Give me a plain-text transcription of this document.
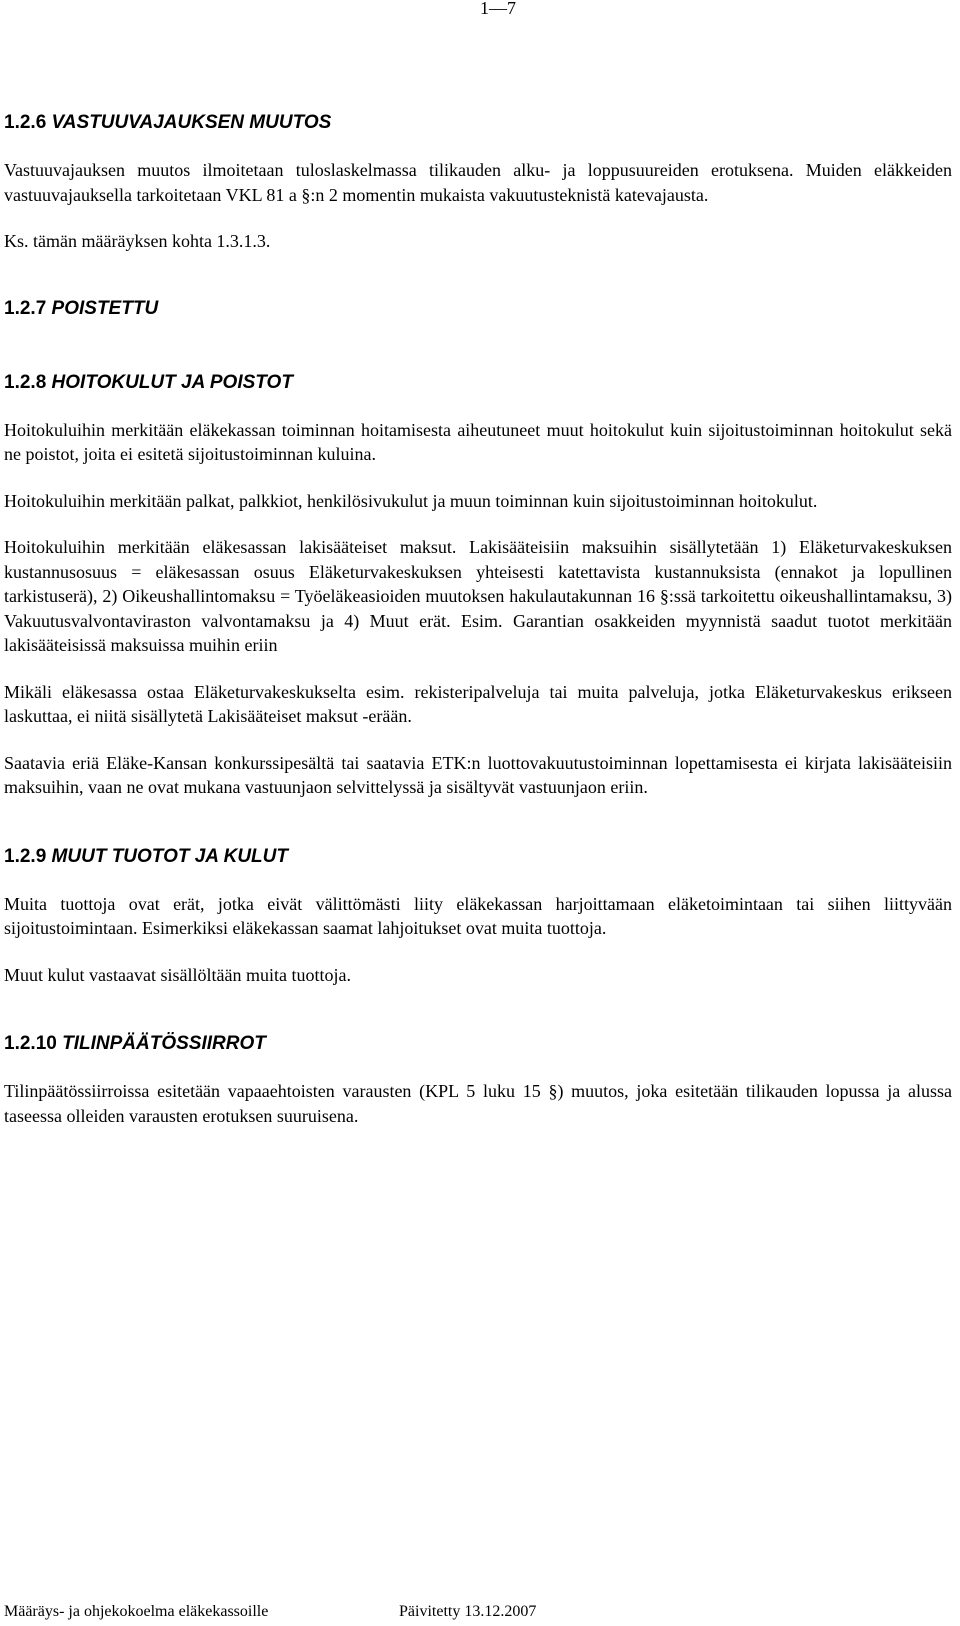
1—7
1.2.6 VASTUUVAJAUKSEN MUUTOS

Vastuuvajauksen muutos ilmoitetaan tuloslaskelmassa tilikauden alku- ja loppusuureiden erotuksena. Muiden eläkkeiden vastuuvajauksella tarkoitetaan VKL 81 a §:n 2 momentin mukaista vakuutusteknistä katevajausta.

Ks. tämän määräyksen kohta 1.3.1.3.

1.2.7 POISTETTU
1.2.8 HOITOKULUT JA POISTOT

Hoitokuluihin merkitään eläkekassan toiminnan hoitamisesta aiheutuneet muut hoitokulut kuin sijoitustoiminnan hoitokulut sekä ne poistot, joita ei esitetä sijoitustoiminnan kuluina.

Hoitokuluihin merkitään palkat, palkkiot, henkilösivukulut ja muun toiminnan kuin sijoitustoiminnan hoitokulut.

Hoitokuluihin merkitään eläkesassan lakisääteiset maksut. Lakisääteisiin maksuihin sisällytetään 1) Eläketurvakeskuksen kustannusosuus = eläkesassan osuus Eläketurvakeskuksen yhteisesti katettavista kustannuksista (ennakot ja lopullinen tarkistuserä), 2) Oikeushallintomaksu = Työeläkeasioiden muutoksen hakulautakunnan 16 §:ssä tarkoitettu oikeushallintamaksu, 3) Vakuutusvalvontaviraston valvontamaksu ja 4) Muut erät. Esim. Garantian osakkeiden myynnistä saadut tuotot merkitään lakisääteisissä maksuissa muihin eriin

Mikäli eläkesassa ostaa Eläketurvakeskukselta esim. rekisteripalveluja tai muita palveluja, jotka Eläketurvakeskus erikseen laskuttaa, ei niitä sisällytetä Lakisääteiset maksut -erään.

Saatavia eriä Eläke-Kansan konkurssipesältä tai saatavia ETK:n luottovakuutustoiminnan lopettamisesta ei kirjata lakisääteisiin maksuihin, vaan ne ovat mukana vastuunjaon selvittelyssä ja sisältyvät vastuunjaon eriin.

1.2.9 MUUT TUOTOT JA KULUT

Muita tuottoja ovat erät, jotka eivät välittömästi liity eläkekassan harjoittamaan eläketoimintaan tai siihen liittyvään sijoitustoimintaan. Esimerkiksi eläkekassan saamat lahjoitukset ovat muita tuottoja.

Muut kulut vastaavat sisällöltään muita tuottoja.

1.2.10 TILINPÄÄTÖSSIIRROT

Tilinpäätössiirroissa esitetään vapaaehtoisten varausten (KPL 5 luku 15 §) muutos, joka esitetään tilikauden lopussa ja alussa taseessa olleiden varausten erotuksen suuruisena.

Määräys- ja ohjekokoelma eläkekassoille	Päivitetty 13.12.2007
